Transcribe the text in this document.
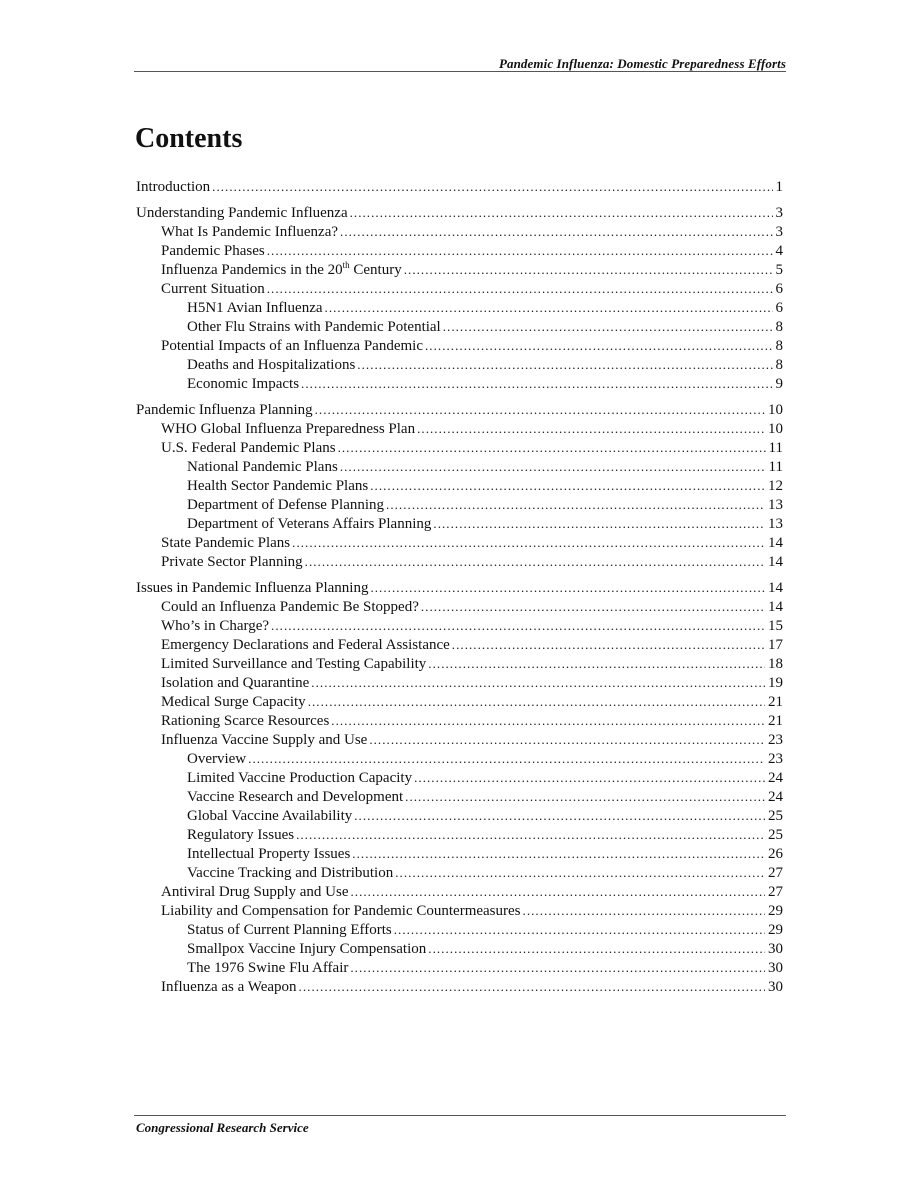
Pandemic Influenza: Domestic Preparedness Efforts
Contents
Introduction . . .	1
Understanding Pandemic Influenza . . .	3
What Is Pandemic Influenza? . . .	3
Pandemic Phases . . .	4
Influenza Pandemics in the 20th Century . . .	5
Current Situation . . .	6
H5N1 Avian Influenza . . .	6
Other Flu Strains with Pandemic Potential . . .	8
Potential Impacts of an Influenza Pandemic . . .	8
Deaths and Hospitalizations . . .	8
Economic Impacts . . .	9
Pandemic Influenza Planning . . .	10
WHO Global Influenza Preparedness Plan . . .	10
U.S. Federal Pandemic Plans . . .	11
National Pandemic Plans . . .	11
Health Sector Pandemic Plans . . .	12
Department of Defense Planning . . .	13
Department of Veterans Affairs Planning . . .	13
State Pandemic Plans . . .	14
Private Sector Planning . . .	14
Issues in Pandemic Influenza Planning . . .	14
Could an Influenza Pandemic Be Stopped? . . .	14
Who’s in Charge? . . .	15
Emergency Declarations and Federal Assistance . . .	17
Limited Surveillance and Testing Capability . . .	18
Isolation and Quarantine . . .	19
Medical Surge Capacity . . .	21
Rationing Scarce Resources . . .	21
Influenza Vaccine Supply and Use . . .	23
Overview . . .	23
Limited Vaccine Production Capacity . . .	24
Vaccine Research and Development . . .	24
Global Vaccine Availability . . .	25
Regulatory Issues . . .	25
Intellectual Property Issues . . .	26
Vaccine Tracking and Distribution . . .	27
Antiviral Drug Supply and Use . . .	27
Liability and Compensation for Pandemic Countermeasures . . .	29
Status of Current Planning Efforts . . .	29
Smallpox Vaccine Injury Compensation . . .	30
The 1976 Swine Flu Affair . . .	30
Influenza as a Weapon . . .	30
Congressional Research Service
